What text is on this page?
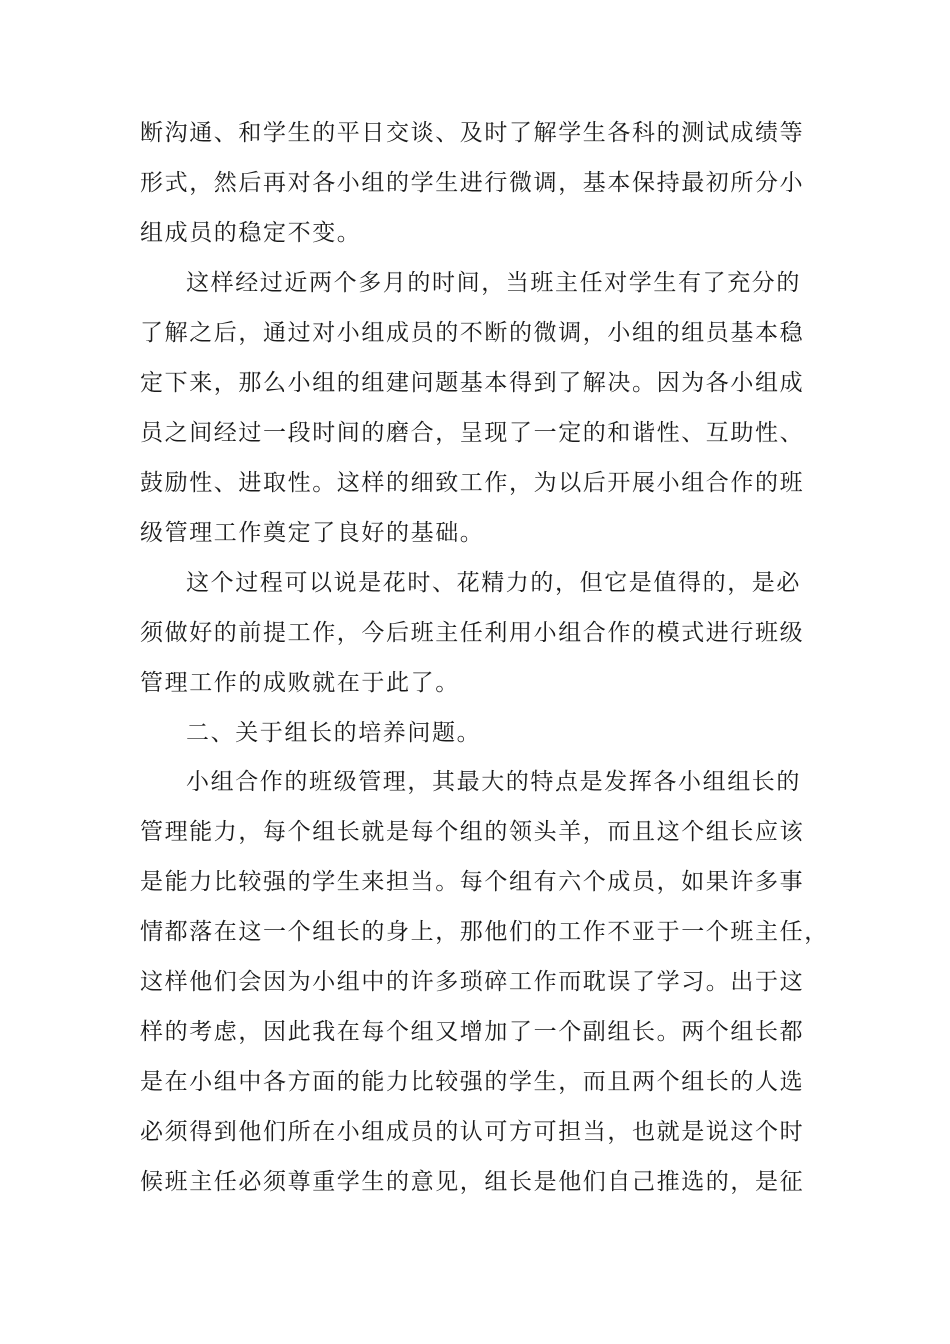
断沟通、和学生的平日交谈、及时了解学生各科的测试成绩等
形式，然后再对各小组的学生进行微调，基本保持最初所分小
组成员的稳定不变。
这样经过近两个多月的时间，当班主任对学生有了充分的
了解之后，通过对小组成员的不断的微调，小组的组员基本稳
定下来，那么小组的组建问题基本得到了解决。因为各小组成
员之间经过一段时间的磨合，呈现了一定的和谐性、互助性、
鼓励性、进取性。这样的细致工作，为以后开展小组合作的班
级管理工作奠定了良好的基础。
这个过程可以说是花时、花精力的，但它是值得的，是必
须做好的前提工作，今后班主任利用小组合作的模式进行班级
管理工作的成败就在于此了。
二、关于组长的培养问题。
小组合作的班级管理，其最大的特点是发挥各小组组长的
管理能力，每个组长就是每个组的领头羊，而且这个组长应该
是能力比较强的学生来担当。每个组有六个成员，如果许多事
情都落在这一个组长的身上，那他们的工作不亚于一个班主任，
这样他们会因为小组中的许多琐碎工作而耽误了学习。出于这
样的考虑，因此我在每个组又增加了一个副组长。两个组长都
是在小组中各方面的能力比较强的学生，而且两个组长的人选
必须得到他们所在小组成员的认可方可担当，也就是说这个时
候班主任必须尊重学生的意见，组长是他们自己推选的，是征
